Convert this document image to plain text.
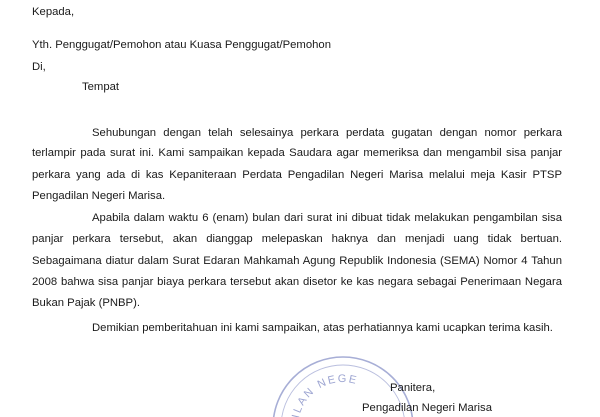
Kepada,
Yth. Penggugat/Pemohon atau Kuasa Penggugat/Pemohon
Di,
Tempat
Sehubungan dengan telah selesainya perkara perdata gugatan dengan nomor perkara
terlampir pada surat ini. Kami sampaikan kepada Saudara agar memeriksa dan mengambil sisa panjar
perkara yang ada di kas Kepaniteraan Perdata Pengadilan Negeri Marisa melalui meja Kasir PTSP
Pengadilan Negeri Marisa.
Apabila dalam waktu 6 (enam) bulan dari surat ini dibuat tidak melakukan pengambilan sisa
panjar perkara tersebut, akan dianggap melepaskan haknya dan menjadi uang tidak bertuan.
Sebagaimana diatur dalam Surat Edaran Mahkamah Agung Republik Indonesia (SEMA) Nomor 4 Tahun
2008 bahwa sisa panjar biaya perkara tersebut akan disetor ke kas negara sebagai Penerimaan Negara
Bukan Pajak (PNBP).
Demikian pemberitahuan ini kami sampaikan, atas perhatiannya kami ucapkan terima kasih.
ILAN NEGE
Panitera,
Pengadilan Negeri Marisa
